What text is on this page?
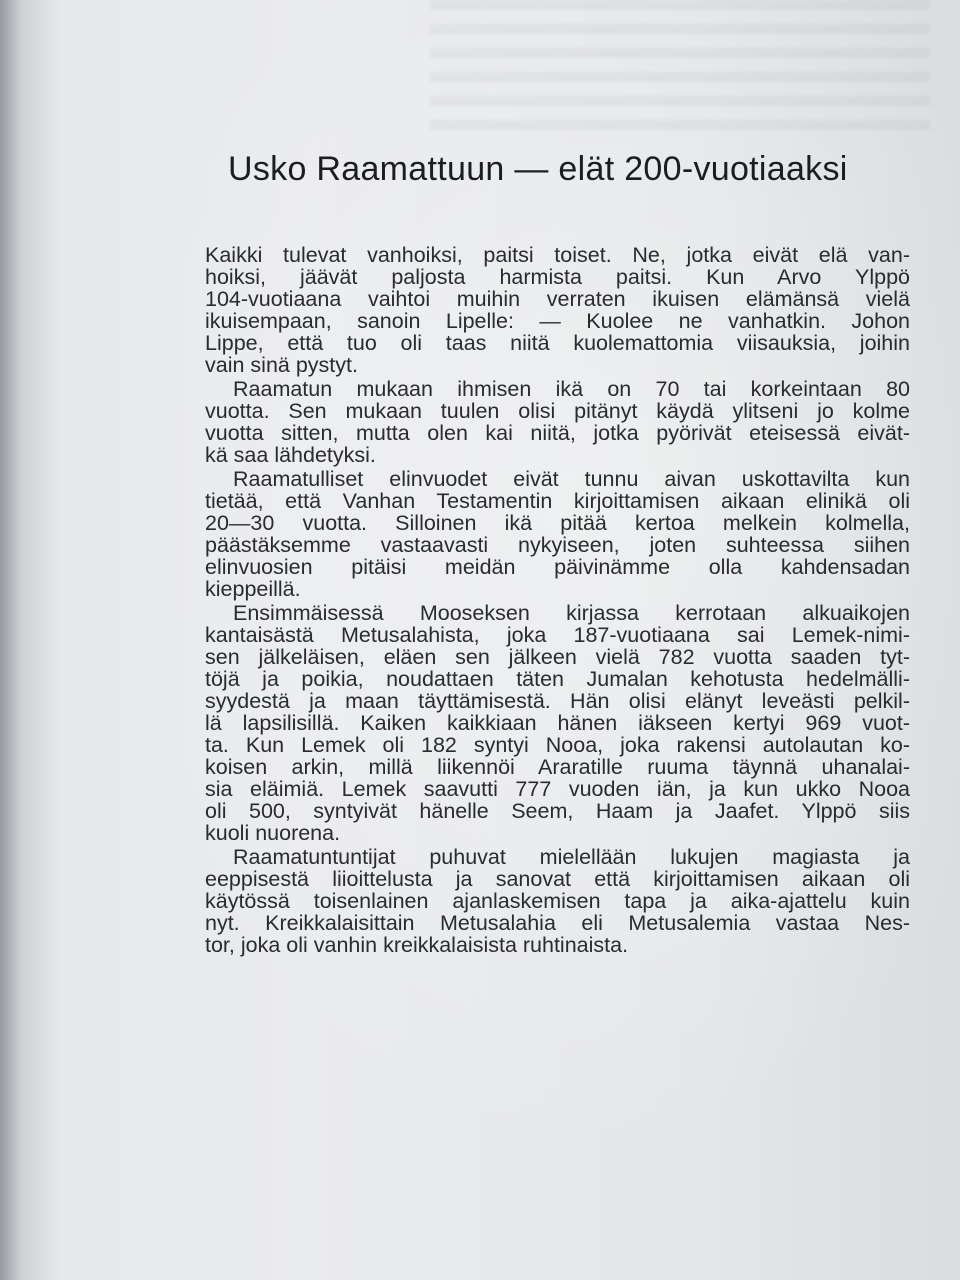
Usko Raamattuun — elät 200-vuotiaaksi

Kaikki tulevat vanhoiksi, paitsi toiset. Ne, jotka eivät elä van-
hoiksi, jäävät paljosta harmista paitsi. Kun Arvo Ylppö
104-vuotiaana vaihtoi muihin verraten ikuisen elämänsä vielä
ikuisempaan, sanoin Lipelle: — Kuolee ne vanhatkin. Johon
Lippe, että tuo oli taas niitä kuolemattomia viisauksia, joihin
vain sinä pystyt.

Raamatun mukaan ihmisen ikä on 70 tai korkeintaan 80
vuotta. Sen mukaan tuulen olisi pitänyt käydä ylitseni jo kolme
vuotta sitten, mutta olen kai niitä, jotka pyörivät eteisessä eivät-
kä saa lähdetyksi.

Raamatulliset elinvuodet eivät tunnu aivan uskottavilta kun
tietää, että Vanhan Testamentin kirjoittamisen aikaan elinikä oli
20—30 vuotta. Silloinen ikä pitää kertoa melkein kolmella,
päästäksemme vastaavasti nykyiseen, joten suhteessa siihen
elinvuosien pitäisi meidän päivinämme olla kahdensadan
kieppeillä.

Ensimmäisessä Mooseksen kirjassa kerrotaan alkuaikojen
kantaisästä Metusalahista, joka 187-vuotiaana sai Lemek-nimi-
sen jälkeläisen, eläen sen jälkeen vielä 782 vuotta saaden tyt-
töjä ja poikia, noudattaen täten Jumalan kehotusta hedelmälli-
syydestä ja maan täyttämisestä. Hän olisi elänyt leveästi pelkil-
lä lapsilisillä. Kaiken kaikkiaan hänen iäkseen kertyi 969 vuot-
ta. Kun Lemek oli 182 syntyi Nooa, joka rakensi autolautan ko-
koisen arkin, millä liikennöi Araratille ruuma täynnä uhanalai-
sia eläimiä. Lemek saavutti 777 vuoden iän, ja kun ukko Nooa
oli 500, syntyivät hänelle Seem, Haam ja Jaafet. Ylppö siis
kuoli nuorena.

Raamatuntuntijat puhuvat mielellään lukujen magiasta ja
eeppisestä liioittelusta ja sanovat että kirjoittamisen aikaan oli
käytössä toisenlainen ajanlaskemisen tapa ja aika-ajattelu kuin
nyt. Kreikkalaisittain Metusalahia eli Metusalemia vastaa Nes-
tor, joka oli vanhin kreikkalaisista ruhtinaista.
